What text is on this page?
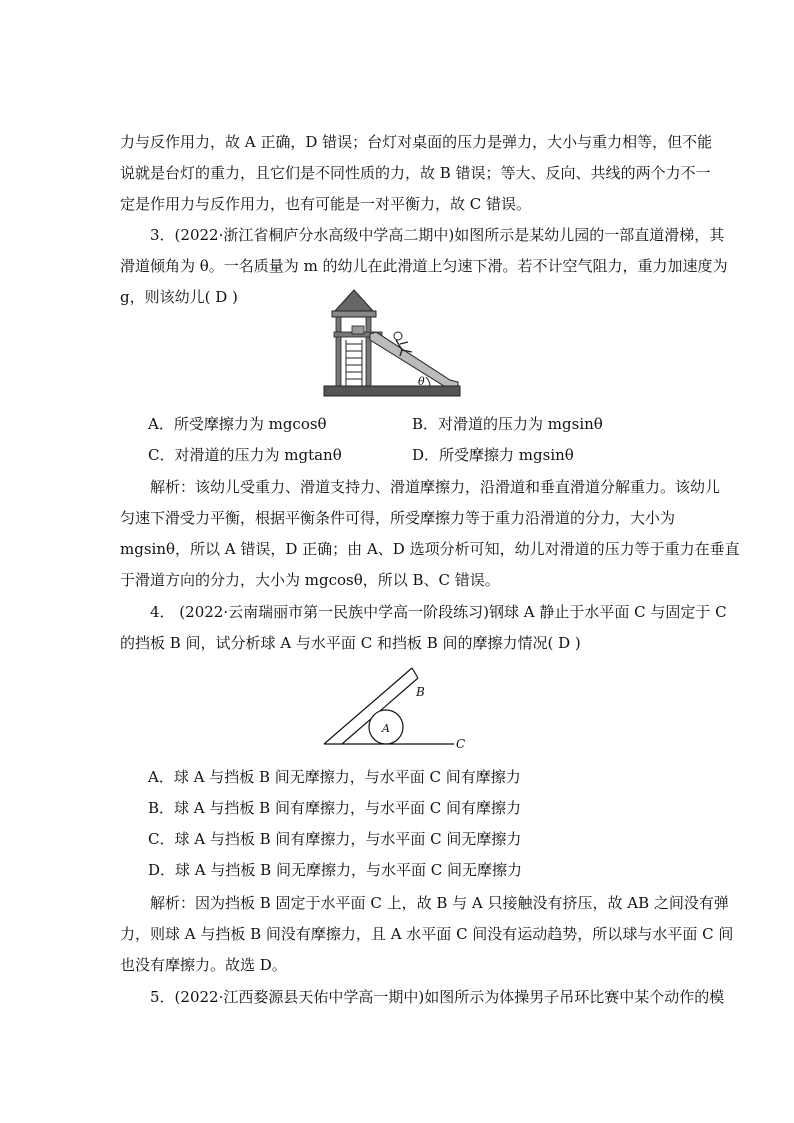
力与反作用力，故 A 正确，D 错误；台灯对桌面的压力是弹力，大小与重力相等，但不能
说就是台灯的重力，且它们是不同性质的力，故 B 错误；等大、反向、共线的两个力不一
定是作用力与反作用力，也有可能是一对平衡力，故 C 错误。
3．(2022·浙江省桐庐分水高级中学高二期中)如图所示是某幼儿园的一部直道滑梯，其
滑道倾角为 θ。一名质量为 m 的幼儿在此滑道上匀速下滑。若不计空气阻力，重力加速度为
g，则该幼儿( D )
θ
A．所受摩擦力为 mgcosθ	B．对滑道的压力为 mgsinθ
C．对滑道的压力为 mgtanθ	D．所受摩擦力 mgsinθ
解析：该幼儿受重力、滑道支持力、滑道摩擦力，沿滑道和垂直滑道分解重力。该幼儿
匀速下滑受力平衡，根据平衡条件可得，所受摩擦力等于重力沿滑道的分力，大小为
mgsinθ，所以 A 错误，D 正确；由 A、D 选项分析可知，幼儿对滑道的压力等于重力在垂直
于滑道方向的分力，大小为 mgcosθ，所以 B、C 错误。
4． (2022·云南瑞丽市第一民族中学高一阶段练习)钢球 A 静止于水平面 C 与固定于 C
的挡板 B 间，试分析球 A 与水平面 C 和挡板 B 间的摩擦力情况( D )
A
B
C
A．球 A 与挡板 B 间无摩擦力，与水平面 C 间有摩擦力
B．球 A 与挡板 B 间有摩擦力，与水平面 C 间有摩擦力
C．球 A 与挡板 B 间有摩擦力，与水平面 C 间无摩擦力
D．球 A 与挡板 B 间无摩擦力，与水平面 C 间无摩擦力
解析：因为挡板 B 固定于水平面 C 上，故 B 与 A 只接触没有挤压，故 AB 之间没有弹
力，则球 A 与挡板 B 间没有摩擦力，且 A 水平面 C 间没有运动趋势，所以球与水平面 C 间
也没有摩擦力。故选 D。
5．(2022·江西婺源县天佑中学高一期中)如图所示为体操男子吊环比赛中某个动作的模
